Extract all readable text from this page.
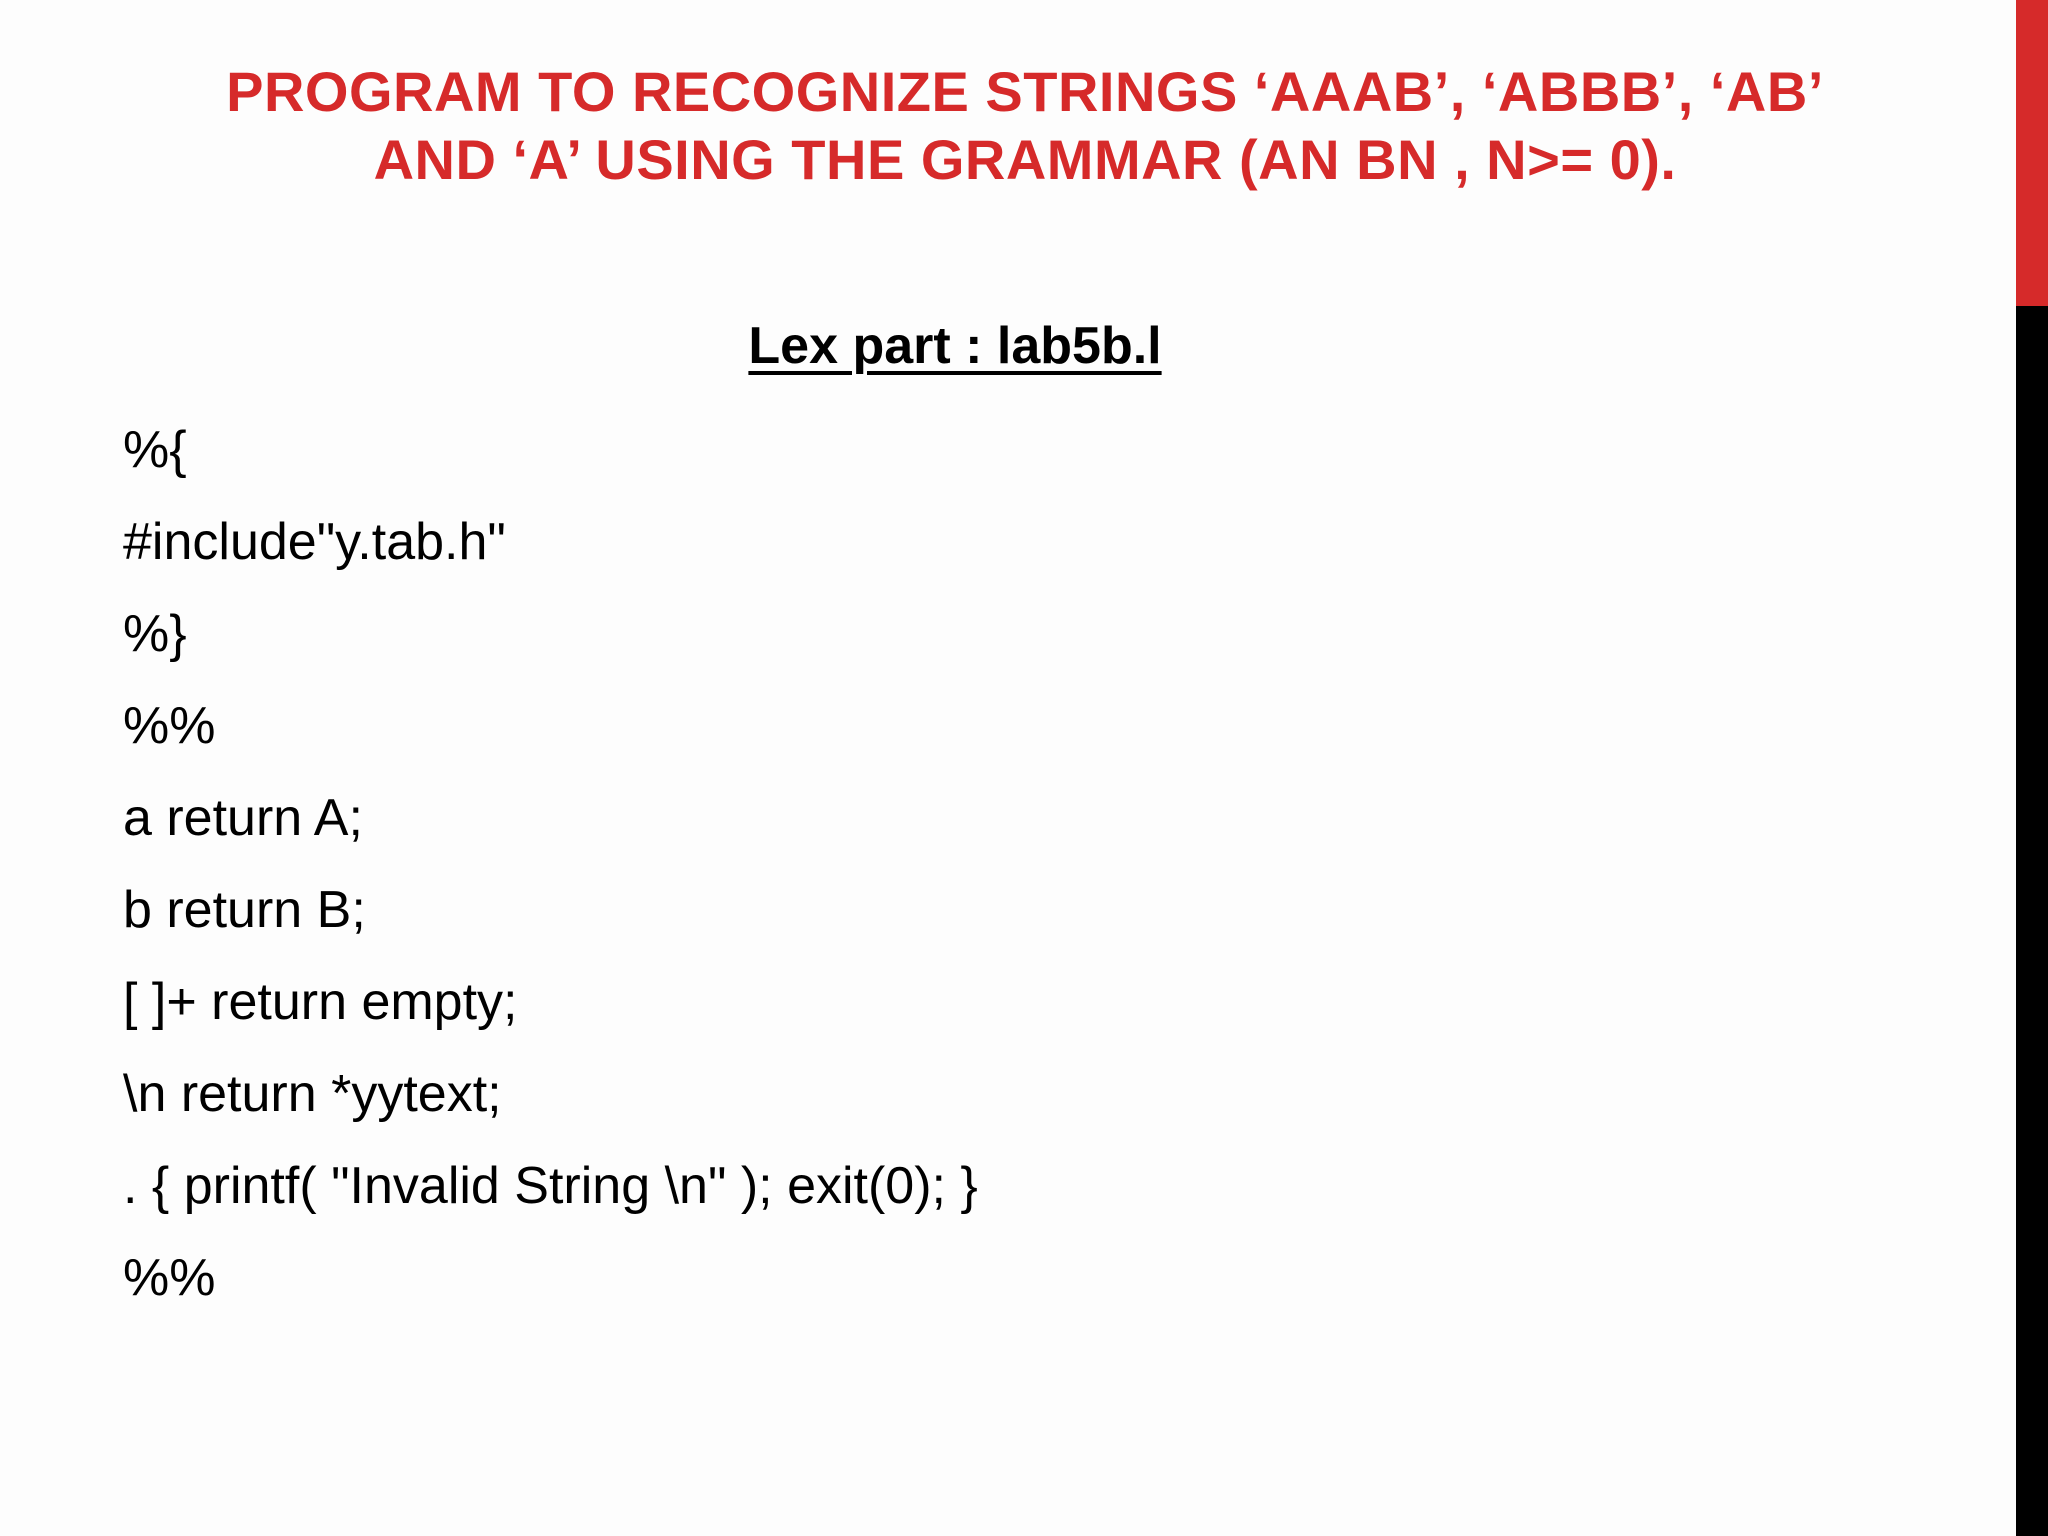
PROGRAM TO RECOGNIZE STRINGS ‘AAAB’, ‘ABBB’, ‘AB’
AND ‘A’ USING THE GRAMMAR (AN BN , N>= 0).
Lex part : lab5b.l
%{
#include"y.tab.h"
%}
%%
a return A;
b return B;
[ ]+ return empty;
\n return *yytext;
. { printf( "Invalid String \n" ); exit(0); }
%%
